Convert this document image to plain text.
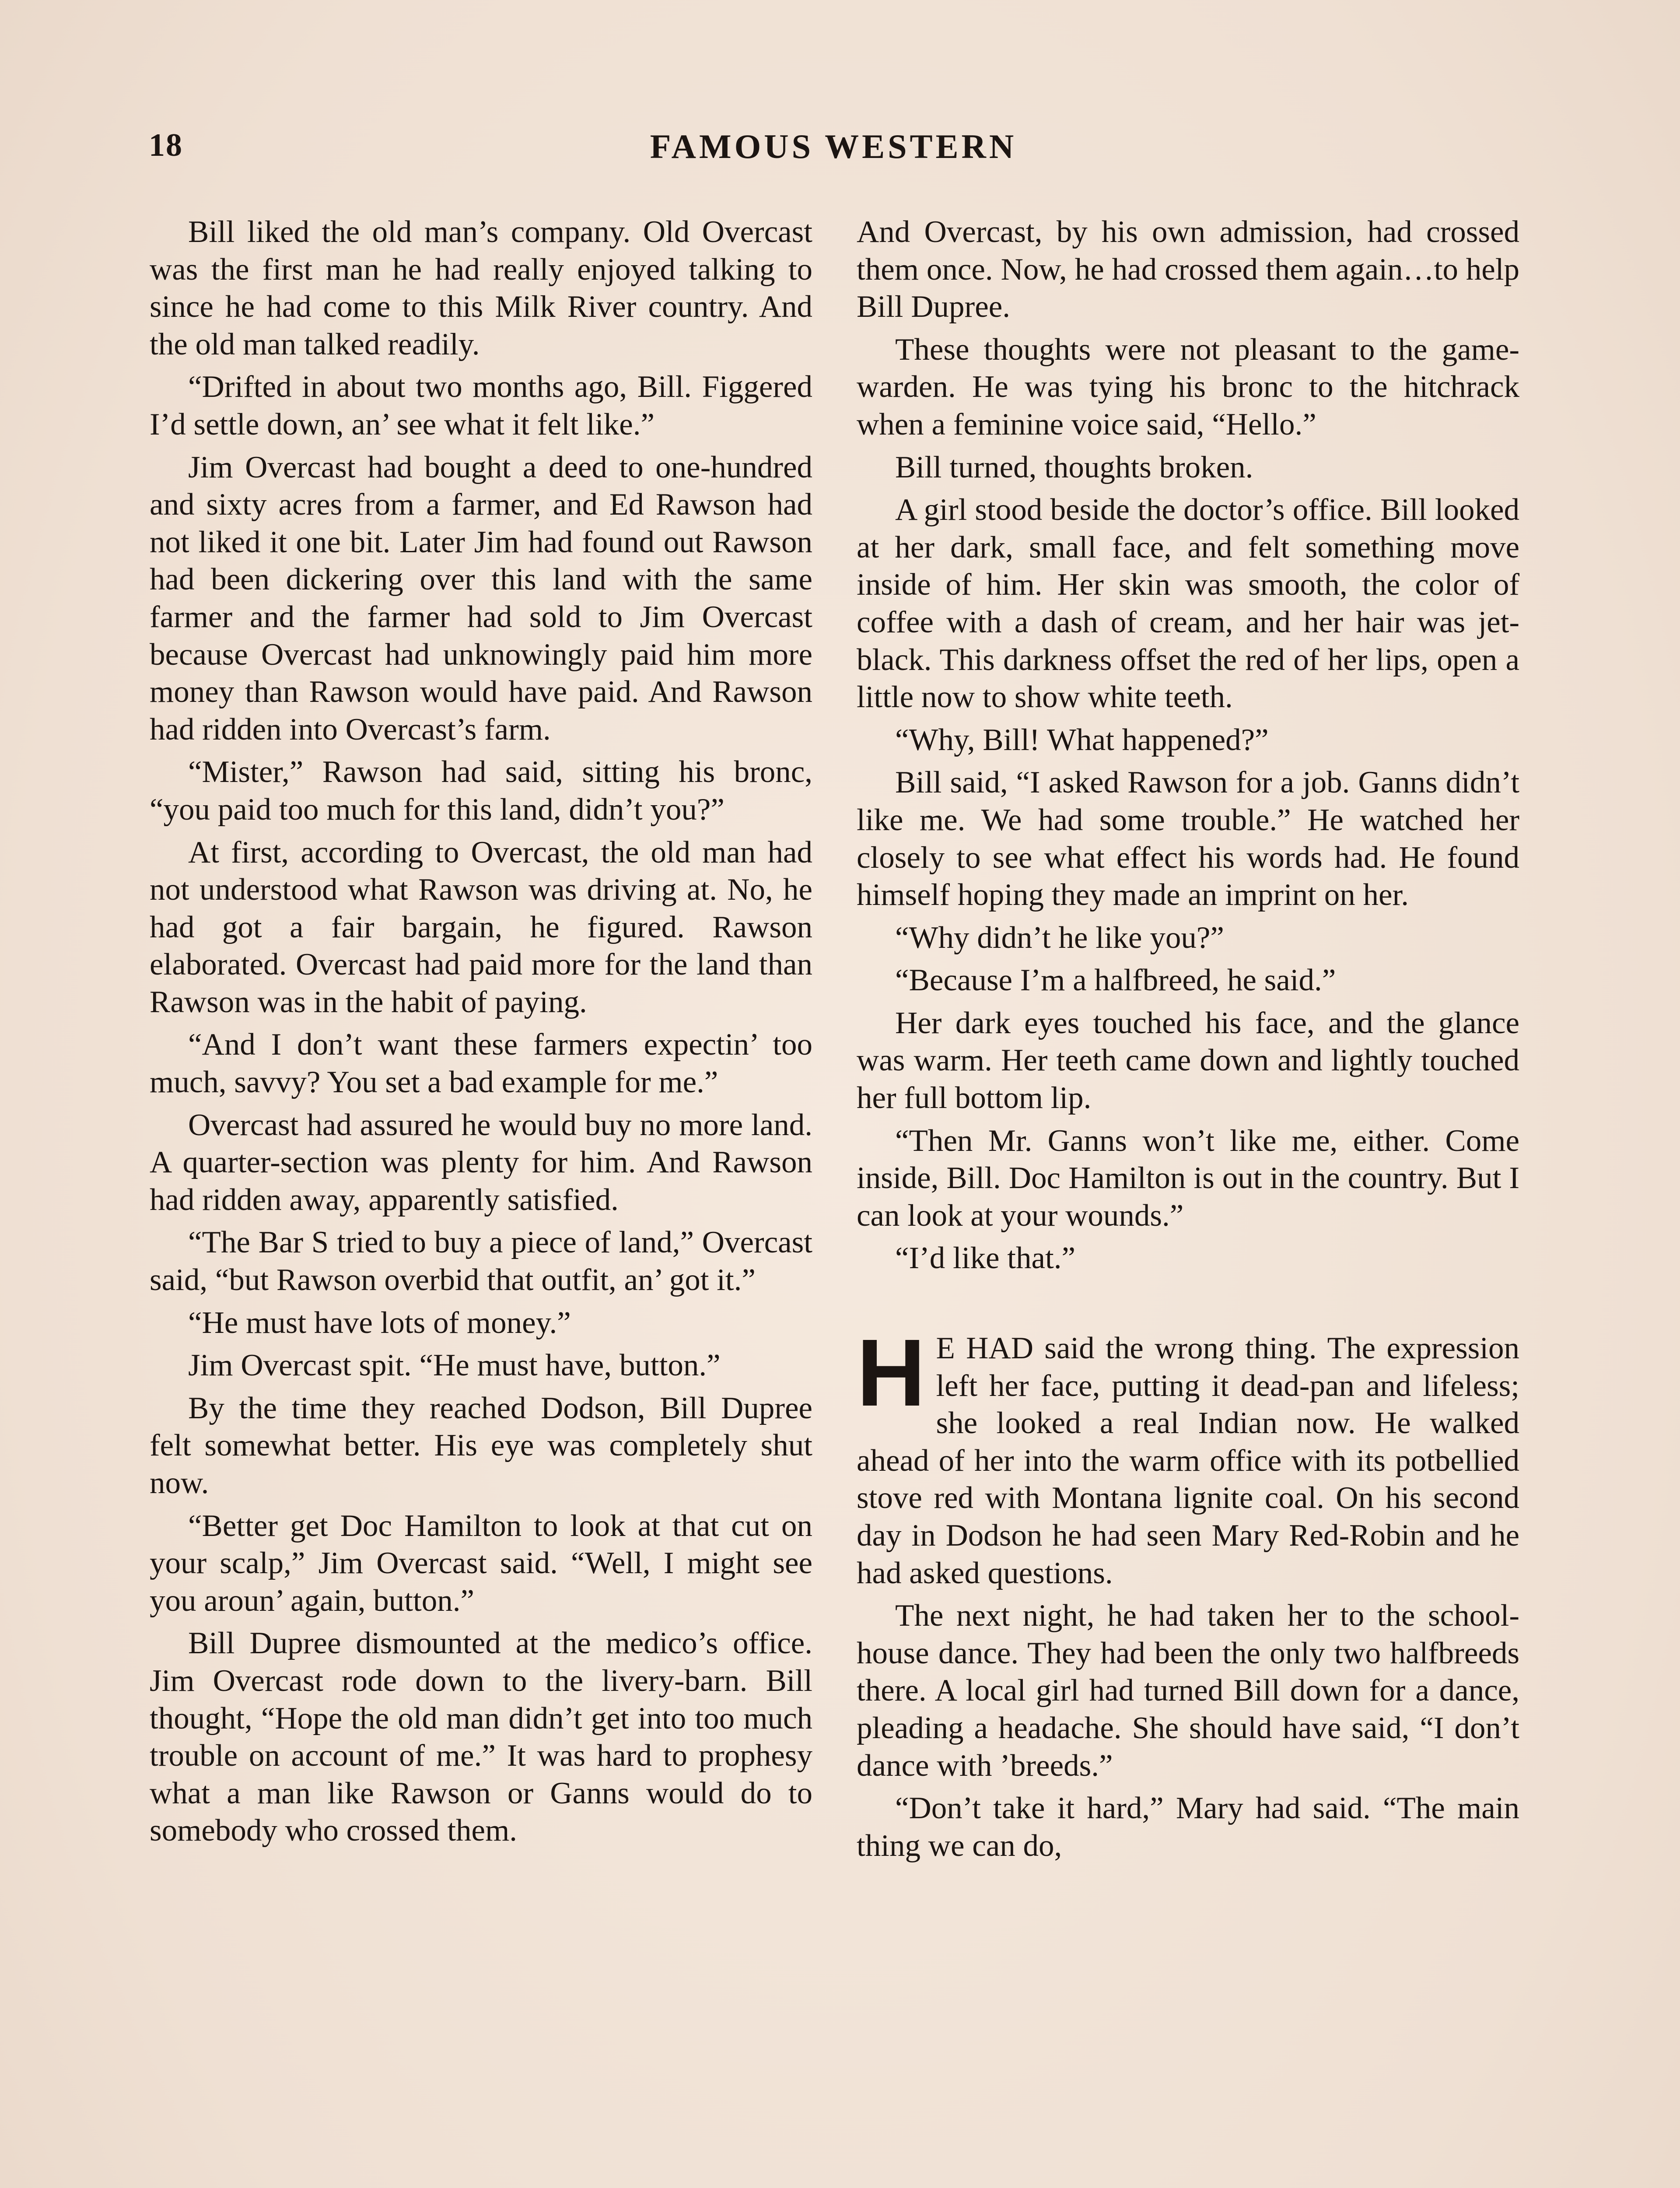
18	FAMOUS WESTERN

Bill liked the old man’s company. Old Overcast was the first man he had really enjoyed talking to since he had come to this Milk River country. And the old man talked readily.

“Drifted in about two months ago, Bill. Figgered I’d settle down, an’ see what it felt like.”

Jim Overcast had bought a deed to one-hundred and sixty acres from a farmer, and Ed Rawson had not liked it one bit. Later Jim had found out Rawson had been dickering over this land with the same farmer and the farmer had sold to Jim Overcast because Overcast had unknowingly paid him more money than Rawson would have paid. And Rawson had ridden into Overcast’s farm.

“Mister,” Rawson had said, sitting his bronc, “you paid too much for this land, didn’t you?”

At first, according to Overcast, the old man had not understood what Rawson was driving at. No, he had got a fair bargain, he figured. Rawson elaborated. Overcast had paid more for the land than Rawson was in the habit of paying.

“And I don’t want these farmers expectin’ too much, savvy? You set a bad example for me.”

Overcast had assured he would buy no more land. A quarter-section was plenty for him. And Rawson had ridden away, apparently satisfied.

“The Bar S tried to buy a piece of land,” Overcast said, “but Rawson overbid that outfit, an’ got it.”

“He must have lots of money.”

Jim Overcast spit. “He must have, button.”

By the time they reached Dodson, Bill Dupree felt somewhat better. His eye was completely shut now.

“Better get Doc Hamilton to look at that cut on your scalp,” Jim Overcast said. “Well, I might see you aroun’ again, button.”

Bill Dupree dismounted at the medico’s office. Jim Overcast rode down to the livery-barn. Bill thought, “Hope the old man didn’t get into too much trouble on account of me.” It was hard to prophesy what a man like Rawson or Ganns would do to somebody who crossed them.

And Overcast, by his own admission, had crossed them once. Now, he had crossed them again…to help Bill Dupree.

These thoughts were not pleasant to the game-warden. He was tying his bronc to the hitchrack when a feminine voice said, “Hello.”

Bill turned, thoughts broken.

A girl stood beside the doctor’s office. Bill looked at her dark, small face, and felt something move inside of him. Her skin was smooth, the color of coffee with a dash of cream, and her hair was jet-black. This darkness offset the red of her lips, open a little now to show white teeth.

“Why, Bill! What happened?”

Bill said, “I asked Rawson for a job. Ganns didn’t like me. We had some trouble.” He watched her closely to see what effect his words had. He found himself hoping they made an imprint on her.

“Why didn’t he like you?”

“Because I’m a halfbreed, he said.”

Her dark eyes touched his face, and the glance was warm. Her teeth came down and lightly touched her full bottom lip.

“Then Mr. Ganns won’t like me, either. Come inside, Bill. Doc Hamilton is out in the country. But I can look at your wounds.”

“I’d like that.”

H E HAD said the wrong thing. The expression left her face, putting it dead-pan and lifeless; she looked a real Indian now. He walked ahead of her into the warm office with its potbellied stove red with Montana lignite coal. On his second day in Dodson he had seen Mary Red-Robin and he had asked questions.

The next night, he had taken her to the school-house dance. They had been the only two halfbreeds there. A local girl had turned Bill down for a dance, pleading a headache. She should have said, “I don’t dance with ’breeds.”

“Don’t take it hard,” Mary had said. “The main thing we can do,
